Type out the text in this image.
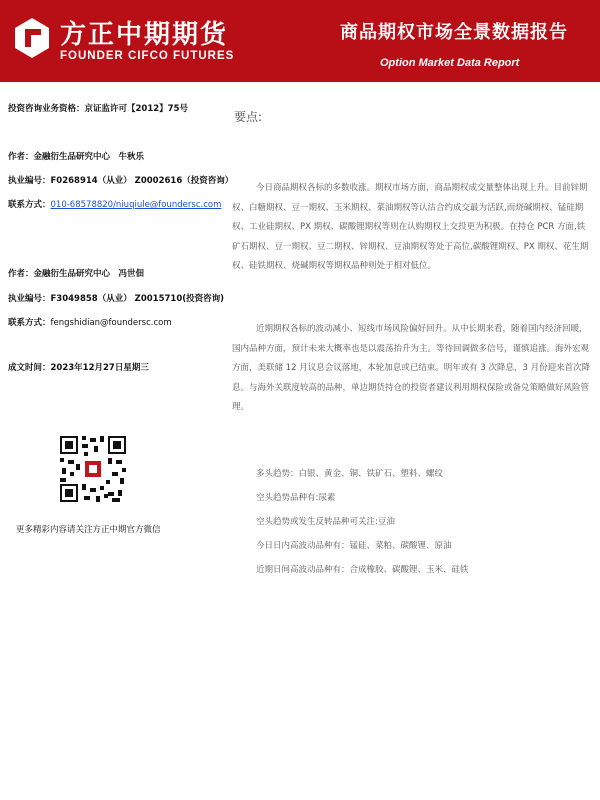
方正中期期货
FOUNDER CIFCO FUTURES
商品期权市场全景数据报告
Option Market Data Report
投资咨询业务资格：京证监许可【2012】75号
作者：金融衍生品研究中心　牛秋乐
执业编号：F0268914（从业） Z0002616（投资咨询）
联系方式：010-68578820/niuqiule@foundersc.com
作者：金融衍生品研究中心　冯世佃
执业编号：F3049858（从业） Z0015710(投资咨询)
联系方式：fengshidian@foundersc.com
成文时间：2023年12月27日星期三
更多精彩内容请关注方正中期官方微信
要点:

今日商品期权各标的多数收涨。期权市场方面，商品期权成交量整体出现上升。目前锌期权、白糖期权、豆一期权、玉米期权、菜油期权等认沽合约成交最为活跃,而烧碱期权、锰硅期权、工业硅期权、PX 期权、碳酸锂期权等则在认购期权上交投更为积极。在持仓 PCR 方面,铁矿石期权、豆一期权、豆二期权、锌期权、豆油期权等处于高位,碳酸锂期权、PX 期权、花生期权、硅铁期权、烧碱期权等期权品种则处于相对低位。

近期期权各标的波动减小、短线市场风险偏好回升。从中长期来看，随着国内经济回暖，国内品种方面，预计未来大概率也是以震荡抬升为主。等待回调做多信号，谨慎追涨。海外宏观方面，美联储 12 月议息会议落地，本轮加息或已结束。明年或有 3 次降息，3 月份迎来首次降息。与海外关联度较高的品种，单边期货持仓的投资者建议利用期权保险或备兑策略做好风险管理。

多头趋势：白银、黄金、铜、铁矿石、塑料、螺纹
空头趋势品种有:尿素
空头趋势或发生反转品种可关注:豆油
今日日内高波动品种有：锰硅、菜粕、碳酸锂、原油
近期日间高波动品种有：合成橡胶、碳酸锂、玉米、硅铁
